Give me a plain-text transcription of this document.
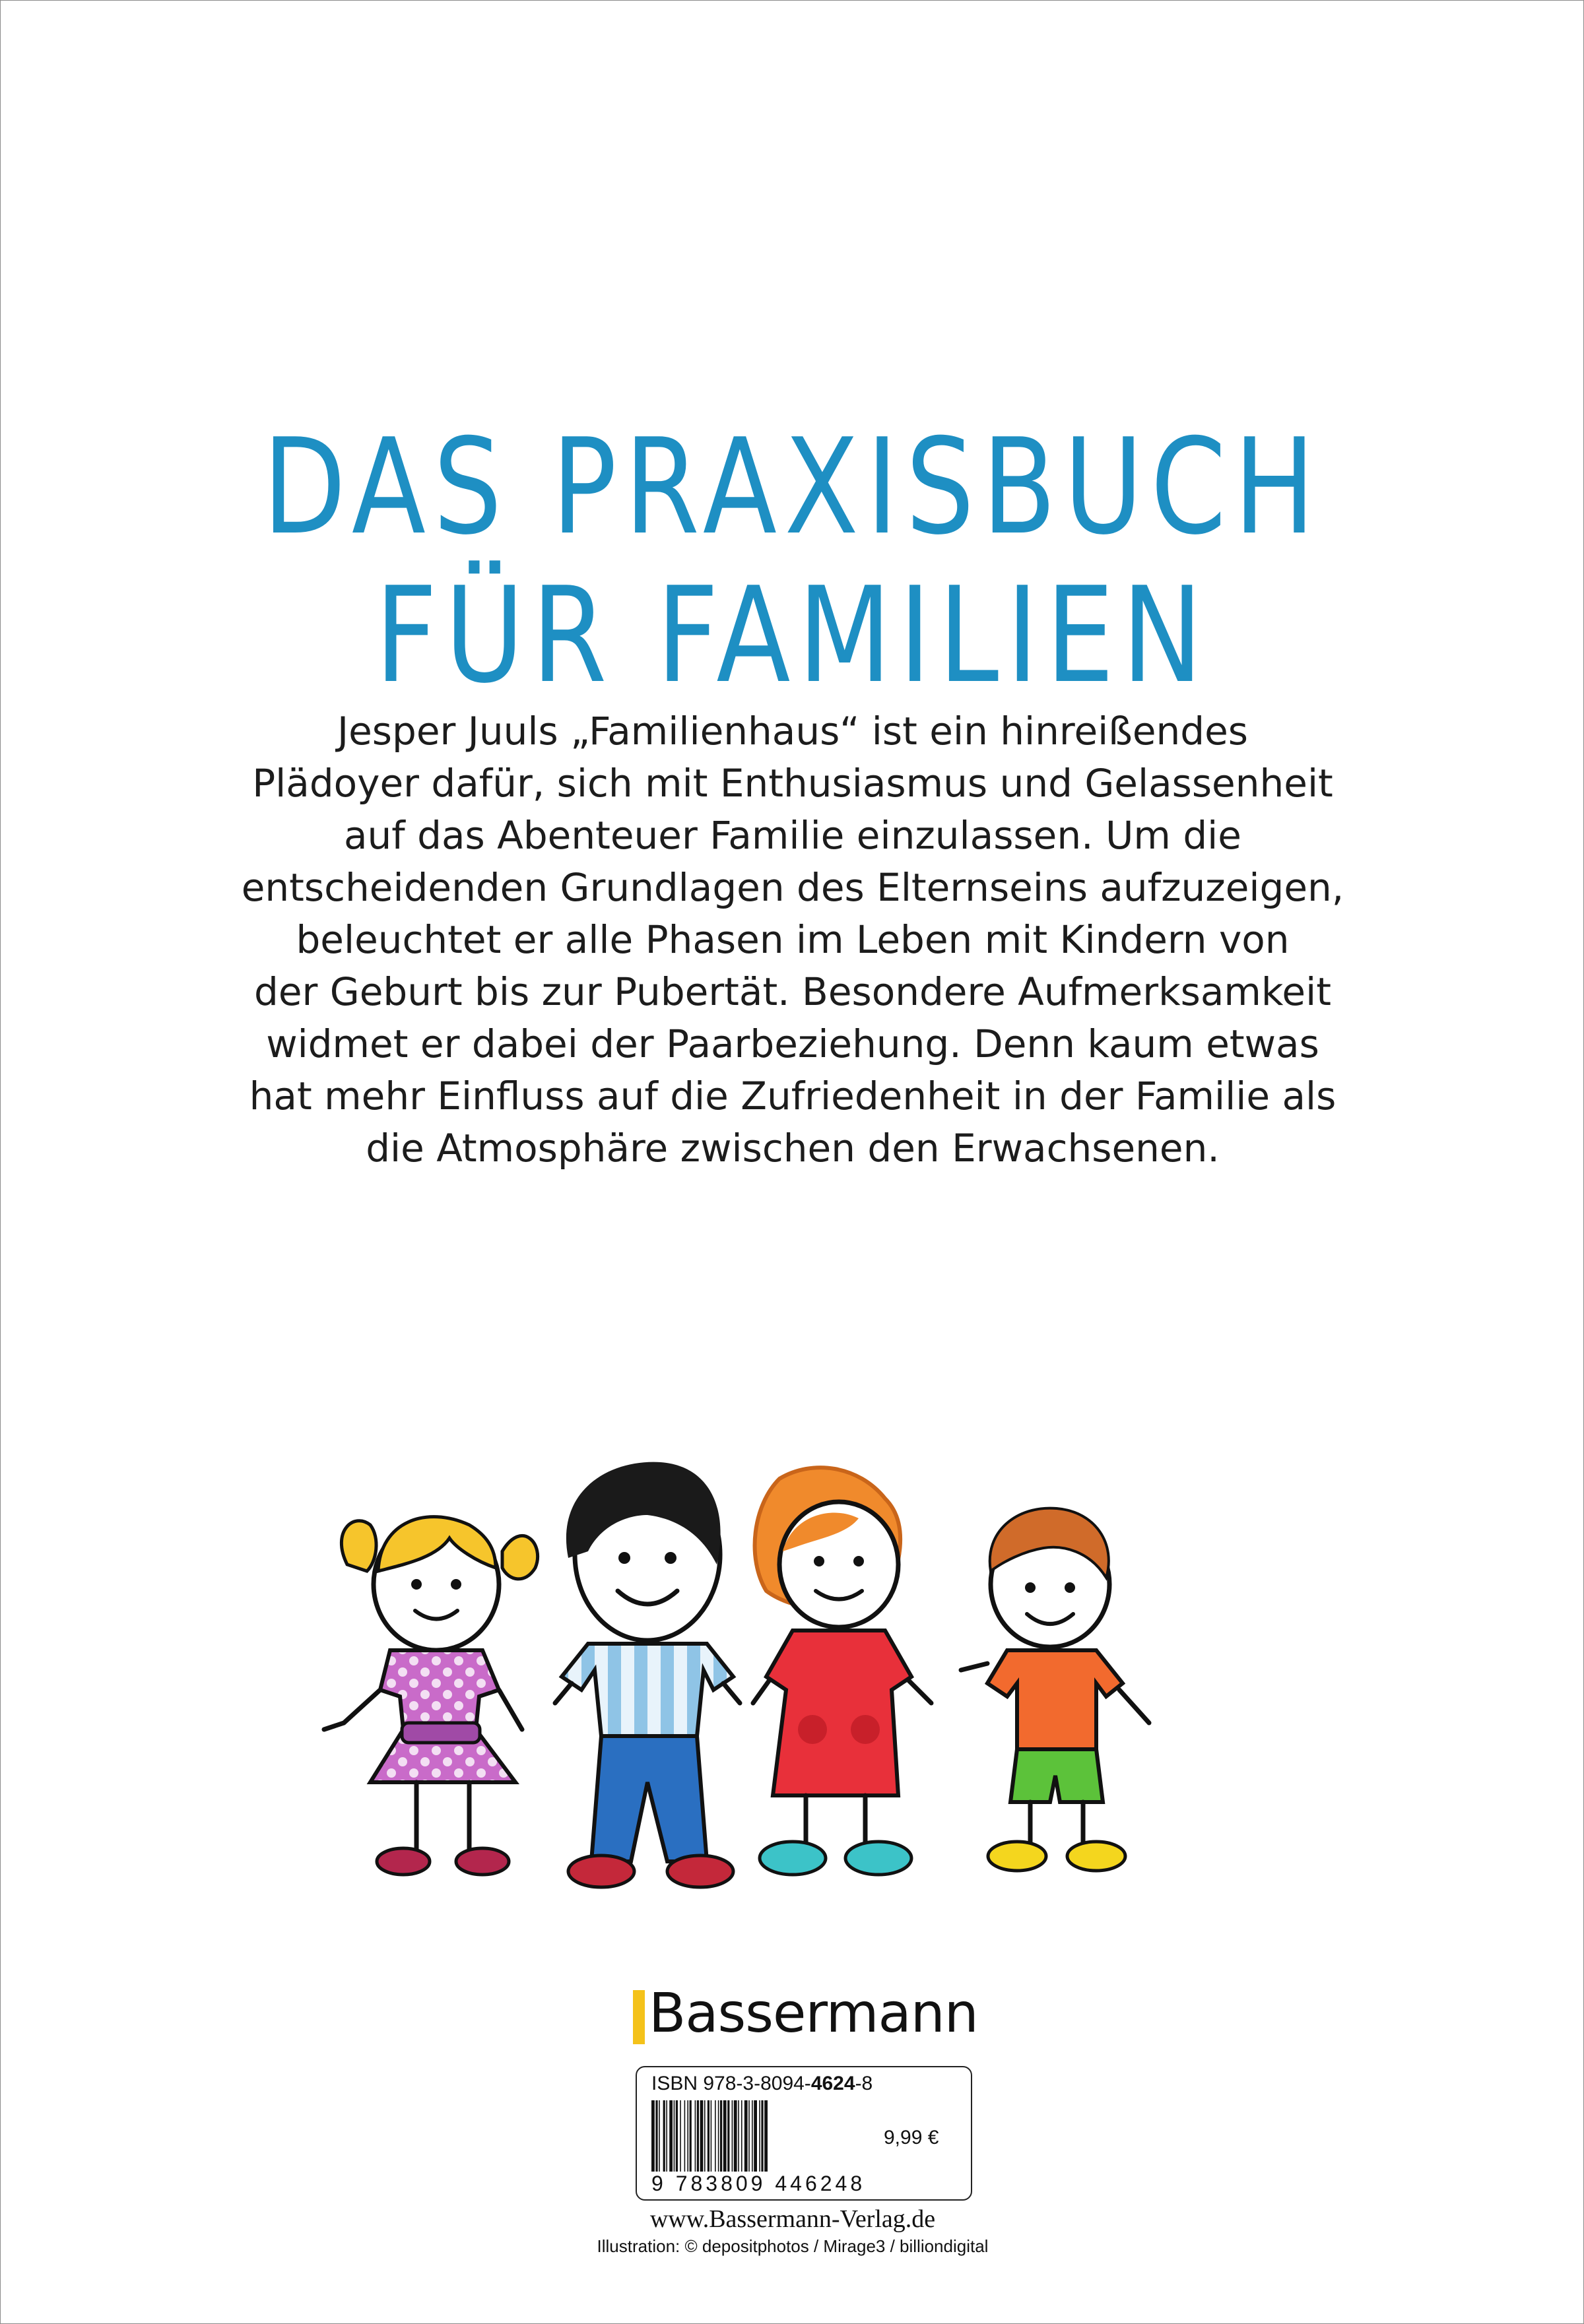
DAS PRAXISBUCH
FÜR FAMILIEN
Jesper Juuls „Familienhaus“ ist ein hinreißendes
Plädoyer dafür, sich mit Enthusiasmus und Gelassenheit
auf das Abenteuer Familie einzulassen. Um die
entscheidenden Grundlagen des Elternseins aufzuzeigen,
beleuchtet er alle Phasen im Leben mit Kindern von
der Geburt bis zur Pubertät. Besondere Aufmerksamkeit
widmet er dabei der Paarbeziehung. Denn kaum etwas
hat mehr Einfluss auf die Zufriedenheit in der Familie als
die Atmosphäre zwischen den Erwachsenen.
Bassermann
ISBN 978-3-8094-4624-8
9 783809 446248
9,99 €
www.Bassermann-Verlag.de
Illustration: © depositphotos / Mirage3 / billiondigital
